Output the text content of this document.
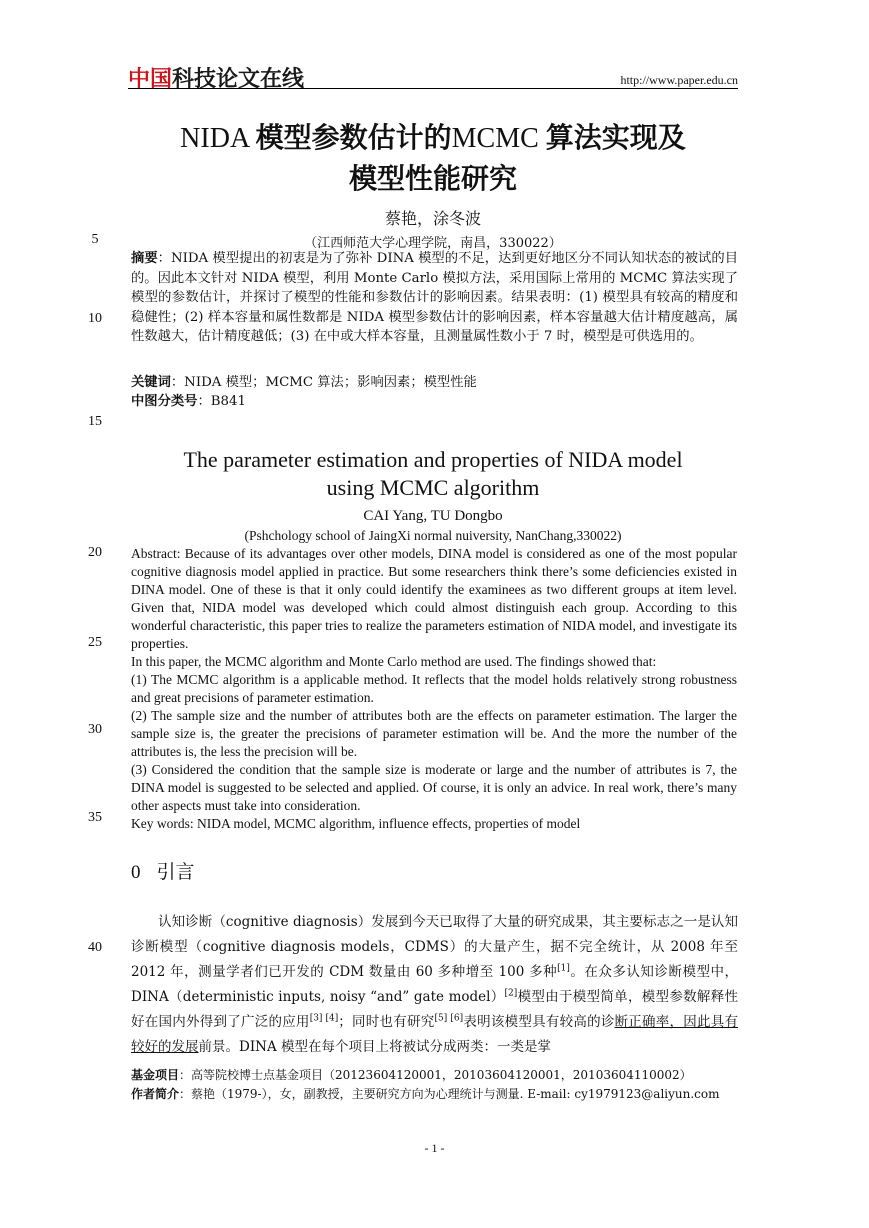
中国科技论文在线	http://www.paper.edu.cn
NIDA 模型参数估计的MCMC 算法实现及
模型性能研究
蔡艳，涂冬波
（江西师范大学心理学院，南昌，330022）
5
10
15
20
25
30
35
40
摘要：NIDA 模型提出的初衷是为了弥补 DINA 模型的不足，达到更好地区分不同认知状态的被试的目的。因此本文针对 NIDA 模型，利用 Monte Carlo 模拟方法，采用国际上常用的 MCMC 算法实现了模型的参数估计，并探讨了模型的性能和参数估计的影响因素。结果表明：(1) 模型具有较高的精度和稳健性；(2) 样本容量和属性数都是 NIDA 模型参数估计的影响因素，样本容量越大估计精度越高，属性数越大，估计精度越低；(3) 在中或大样本容量，且测量属性数小于 7 时，模型是可供选用的。
关键词：NIDA 模型；MCMC 算法；影响因素；模型性能
中图分类号：B841
The parameter estimation and properties of NIDA model
using MCMC algorithm
CAI Yang, TU Dongbo
(Pshchology school of JaingXi normal nuiversity, NanChang,330022)

Abstract: Because of its advantages over other models, DINA model is considered as one of the most popular cognitive diagnosis model applied in practice. But some researchers think there’s some deficiencies existed in DINA model. One of these is that it only could identify the examinees as two different groups at item level. Given that, NIDA model was developed which could almost distinguish each group. According to this wonderful characteristic, this paper tries to realize the parameters estimation of NIDA model, and investigate its properties.

In this paper, the MCMC algorithm and Monte Carlo method are used. The findings showed that:

(1) The MCMC algorithm is a applicable method. It reflects that the model holds relatively strong robustness and great precisions of parameter estimation.

(2) The sample size and the number of attributes both are the effects on parameter estimation. The larger the sample size is, the greater the precisions of parameter estimation will be. And the more the number of the attributes is, the less the precision will be.

(3) Considered the condition that the sample size is moderate or large and the number of attributes is 7, the DINA model is suggested to be selected and applied. Of course, it is only an advice. In real work, there’s many other aspects must take into consideration.

Key words: NIDA model, MCMC algorithm, influence effects, properties of model

0 引言
认知诊断（cognitive diagnosis）发展到今天已取得了大量的研究成果，其主要标志之一是认知诊断模型（cognitive diagnosis models，CDMS）的大量产生，据不完全统计，从 2008 年至 2012 年，测量学者们已开发的 CDM 数量由 60 多种增至 100 多种[1]。在众多认知诊断模型中，DINA（deterministic inputs, noisy “and” gate model）[2]模型由于模型简单，模型参数解释性好在国内外得到了广泛的应用[3] [4]；同时也有研究[5] [6]表明该模型具有较高的诊断正确率，因此具有较好的发展前景。DINA 模型在每个项目上将被试分成两类：一类是掌
基金项目：高等院校博士点基金项目（20123604120001，20103604120001，20103604110002）
作者简介：蔡艳（1979-），女，副教授，主要研究方向为心理统计与测量. E-mail: cy1979123@aliyun.com
- 1 -
